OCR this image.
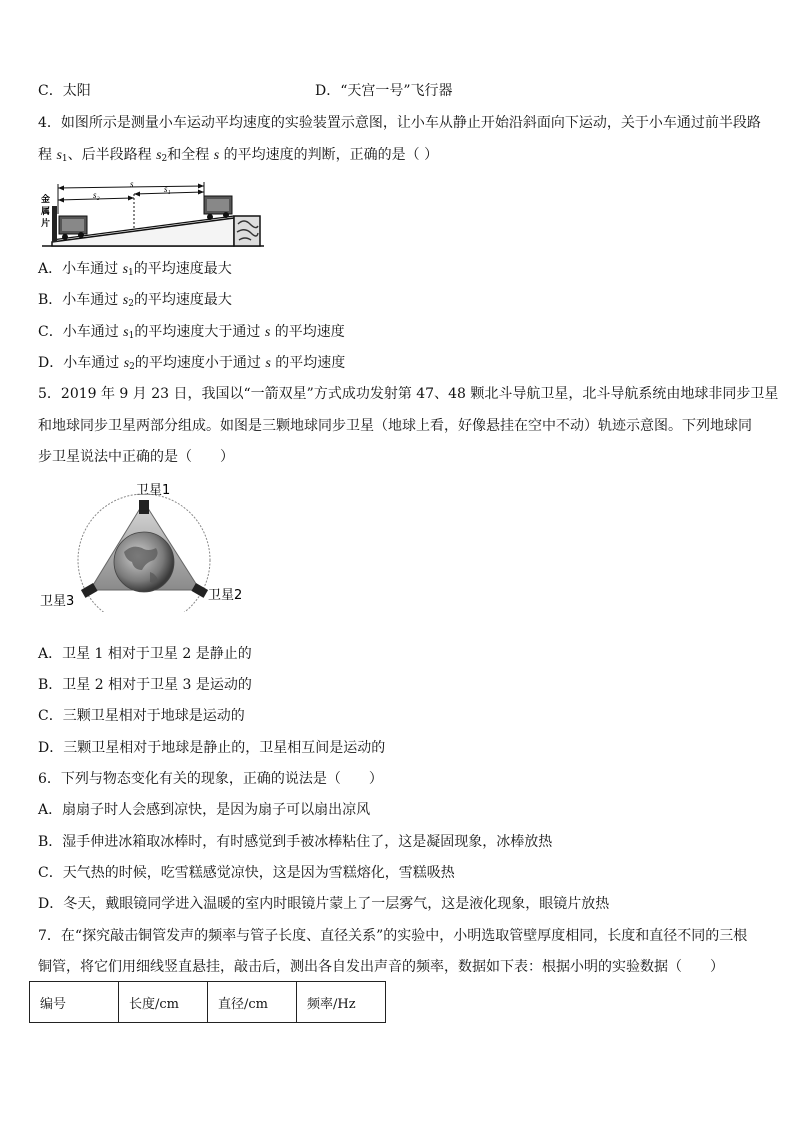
C．太阳	D．“天宫一号”飞行器
4．如图所示是测量小车运动平均速度的实验装置示意图，让小车从静止开始沿斜面向下运动，关于小车通过前半段路
程 $s_1$、后半段路程 $s_2$和全程 s 的平均速度的判断，正确的是（ ）
金
属
片
s
s₂
s₁
A．小车通过 $s_1$的平均速度最大
B．小车通过 $s_2$的平均速度最大
C．小车通过 $s_1$的平均速度大于通过 s 的平均速度
D．小车通过 $s_2$的平均速度小于通过 s 的平均速度
5．2019 年 9 月 23 日，我国以“一箭双星”方式成功发射第 47、48 颗北斗导航卫星，北斗导航系统由地球非同步卫星
和地球同步卫星两部分组成。如图是三颗地球同步卫星（地球上看，好像悬挂在空中不动）轨迹示意图。下列地球同
步卫星说法中正确的是（　　）
卫星1
卫星2
卫星3
A．卫星 1 相对于卫星 2 是静止的
B．卫星 2 相对于卫星 3 是运动的
C．三颗卫星相对于地球是运动的
D．三颗卫星相对于地球是静止的，卫星相互间是运动的
6．下列与物态变化有关的现象，正确的说法是（　　）
A．扇扇子时人会感到凉快，是因为扇子可以扇出凉风
B．湿手伸进冰箱取冰棒时，有时感觉到手被冰棒粘住了，这是凝固现象，冰棒放热
C．天气热的时候，吃雪糕感觉凉快，这是因为雪糕熔化，雪糕吸热
D．冬天，戴眼镜同学进入温暖的室内时眼镜片蒙上了一层雾气，这是液化现象，眼镜片放热
7．在“探究敲击铜管发声的频率与管子长度、直径关系”的实验中，小明选取管壁厚度相同，长度和直径不同的三根
铜管，将它们用细线竖直悬挂，敲击后，测出各自发出声音的频率，数据如下表：根据小明的实验数据（　　）
编号	长度/cm	直径/cm	频率/Hz
